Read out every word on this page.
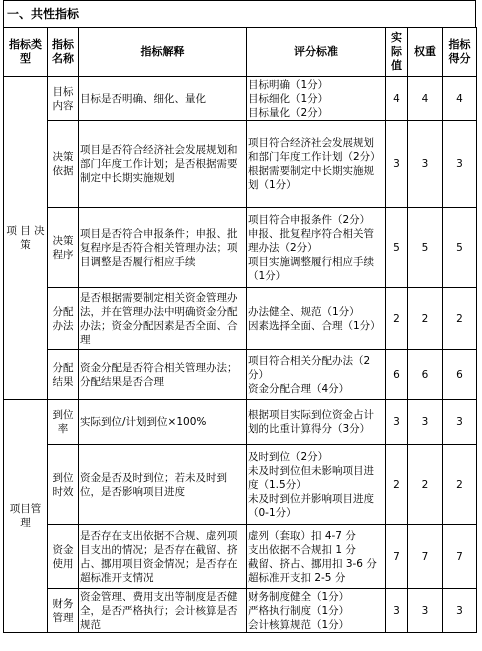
一、共性指标
指标类型	指标名称	指标解释	评分标准	实际值	权重	指标得分
项 目 决 策	目标内容	目标是否明确、细化、量化	目标明确（1分）
目标细化（1分）
目标量化（2分）	4	4	4
	决策依据	项目是否符合经济社会发展规划和部门年度工作计划；是否根据需要制定中长期实施规划	项目符合经济社会发展规划和部门年度工作计划（2分）
根据需要制定中长期实施规划（1分）	3	3	3
	决策程序	项目是否符合申报条件；申报、批复程序是否符合相关管理办法；项目调整是否履行相应手续	项目符合申报条件（2分）
申报、批复程序符合相关管理办法（2分）
项目实施调整履行相应手续（1分）	5	5	5
	分配办法	是否根据需要制定相关资金管理办法，并在管理办法中明确资金分配办法；资金分配因素是否全面、合理	办法健全、规范（1分）
因素选择全面、合理（1分）	2	2	2
	分配结果	资金分配是否符合相关管理办法；分配结果是否合理	项目符合相关分配办法（2分）
资金分配合理（4分）	6	6	6
项目管理	到位率	实际到位/计划到位×100%	根据项目实际到位资金占计划的比重计算得分（3分）	3	3	3
	到位时效	资金是否及时到位；若未及时到位，是否影响项目进度	及时到位（2分）
未及时到位但未影响项目进度（1.5分）
未及时到位并影响项目进度（0-1分）	2	2	2
	资金使用	是否存在支出依据不合规、虚列项目支出的情况；是否存在截留、挤占、挪用项目资金情况；是否存在超标准开支情况	虚列（套取）扣 4-7 分
支出依据不合规扣 1 分
截留、挤占、挪用扣 3-6 分超标准开支扣 2-5 分	7	7	7
	财务管理	资金管理、费用支出等制度是否健全，是否严格执行；会计核算是否规范	财务制度健全（1分）
严格执行制度（1分）
会计核算规范（1分）	3	3	3
